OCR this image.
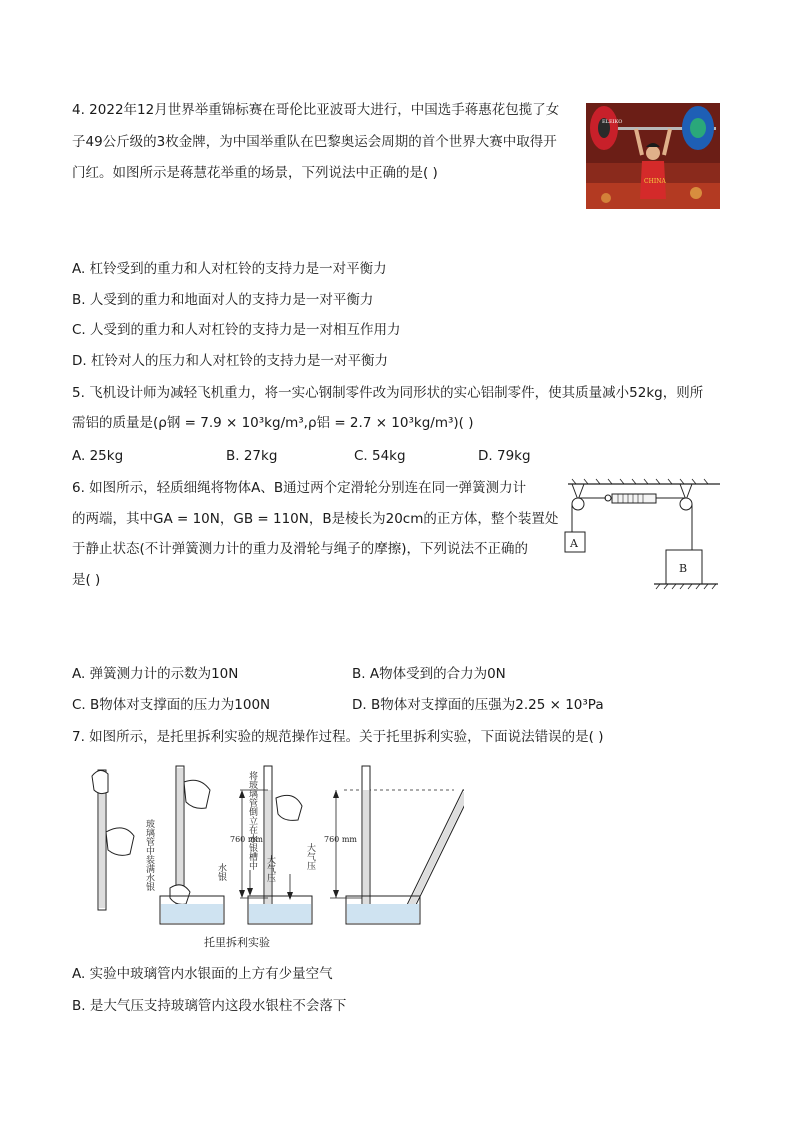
4. 2022年12月世界举重锦标赛在哥伦比亚波哥大进行，中国选手蒋惠花包揽了女
子49公斤级的3枚金牌，为中国举重队在巴黎奥运会周期的首个世界大赛中取得开
门红。如图所示是蒋慧花举重的场景，下列说法中正确的是( )
ELEIKO
CHINA
A. 杠铃受到的重力和人对杠铃的支持力是一对平衡力
B. 人受到的重力和地面对人的支持力是一对平衡力
C. 人受到的重力和人对杠铃的支持力是一对相互作用力
D. 杠铃对人的压力和人对杠铃的支持力是一对平衡力
5. 飞机设计师为减轻飞机重力，将一实心钢制零件改为同形状的实心铝制零件，使其质量减小52kg，则所
需铝的质量是(ρ钢 = 7.9 × 10³kg/m³,ρ铝 = 2.7 × 10³kg/m³)( )
A. 25kg	B. 27kg	C. 54kg	D. 79kg
6. 如图所示，轻质细绳将物体A、B通过两个定滑轮分别连在同一弹簧测力计
的两端，其中GA = 10N，GB = 110N，B是棱长为20cm的正方体，整个装置处
于静止状态(不计弹簧测力计的重力及滑轮与绳子的摩擦)，下列说法不正确的
是( )
A
B
A. 弹簧测力计的示数为10N	B. A物体受到的合力为0N
C. B物体对支撑面的压力为100N	D. B物体对支撑面的压强为2.25 × 10³Pa
7. 如图所示，是托里拆利实验的规范操作过程。关于托里拆利实验，下面说法错误的是( )
玻璃管中装满水银
将玻璃管倒立在水银槽中
水银
760 mm
大气压
大气压
760 mm
托里拆利实验
A. 实验中玻璃管内水银面的上方有少量空气
B. 是大气压支持玻璃管内这段水银柱不会落下
